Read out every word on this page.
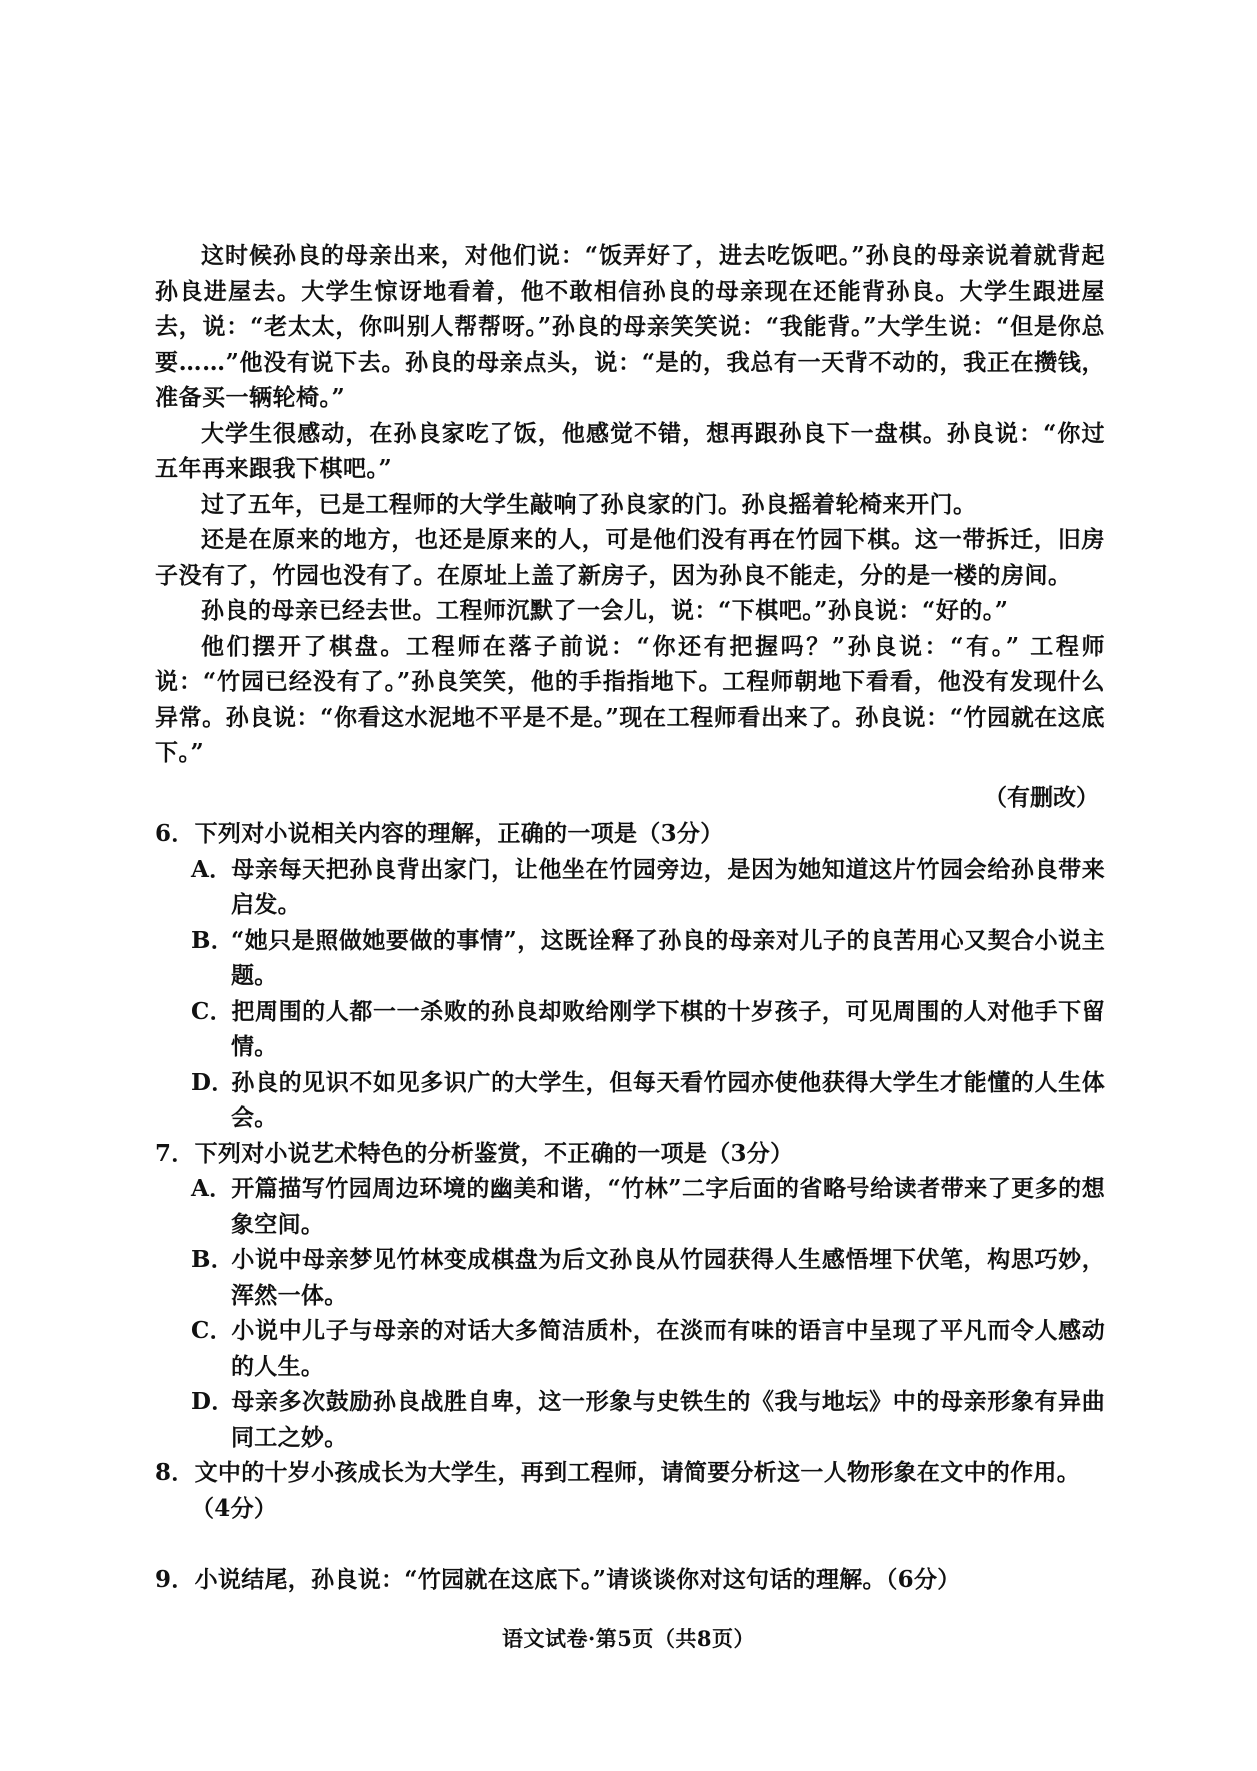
这时候孙良的母亲出来，对他们说：“饭弄好了，进去吃饭吧。”孙良的母亲说着就背起孙良进屋去。大学生惊讶地看着，他不敢相信孙良的母亲现在还能背孙良。大学生跟进屋去，说：“老太太，你叫别人帮帮呀。”孙良的母亲笑笑说：“我能背。”大学生说：“但是你总要……”他没有说下去。孙良的母亲点头，说：“是的，我总有一天背不动的，我正在攒钱，准备买一辆轮椅。”

大学生很感动，在孙良家吃了饭，他感觉不错，想再跟孙良下一盘棋。孙良说：“你过五年再来跟我下棋吧。”

过了五年，已是工程师的大学生敲响了孙良家的门。孙良摇着轮椅来开门。

还是在原来的地方，也还是原来的人，可是他们没有再在竹园下棋。这一带拆迁，旧房子没有了，竹园也没有了。在原址上盖了新房子，因为孙良不能走，分的是一楼的房间。

孙良的母亲已经去世。工程师沉默了一会儿，说：“下棋吧。”孙良说：“好的。”

他们摆开了棋盘。工程师在落子前说：“你还有把握吗？”孙良说：“有。” 工程师说：“竹园已经没有了。”孙良笑笑，他的手指指地下。工程师朝地下看看，他没有发现什么异常。孙良说：“你看这水泥地不平是不是。”现在工程师看出来了。孙良说：“竹园就在这底下。”

（有删改）
6．下列对小说相关内容的理解，正确的一项是（3分）
A．母亲每天把孙良背出家门，让他坐在竹园旁边，是因为她知道这片竹园会给孙良带来启发。
B．“她只是照做她要做的事情”，这既诠释了孙良的母亲对儿子的良苦用心又契合小说主题。
C．把周围的人都一一杀败的孙良却败给刚学下棋的十岁孩子，可见周围的人对他手下留情。
D．孙良的见识不如见多识广的大学生，但每天看竹园亦使他获得大学生才能懂的人生体会。
7．下列对小说艺术特色的分析鉴赏，不正确的一项是（3分）
A．开篇描写竹园周边环境的幽美和谐，“竹林”二字后面的省略号给读者带来了更多的想象空间。
B．小说中母亲梦见竹林变成棋盘为后文孙良从竹园获得人生感悟埋下伏笔，构思巧妙，浑然一体。
C．小说中儿子与母亲的对话大多简洁质朴，在淡而有味的语言中呈现了平凡而令人感动的人生。
D．母亲多次鼓励孙良战胜自卑，这一形象与史铁生的《我与地坛》中的母亲形象有异曲同工之妙。
8．文中的十岁小孩成长为大学生，再到工程师，请简要分析这一人物形象在文中的作用。（4分）
9．小说结尾，孙良说：“竹园就在这底下。”请谈谈你对这句话的理解。（6分）
语文试卷·第5页（共8页）
